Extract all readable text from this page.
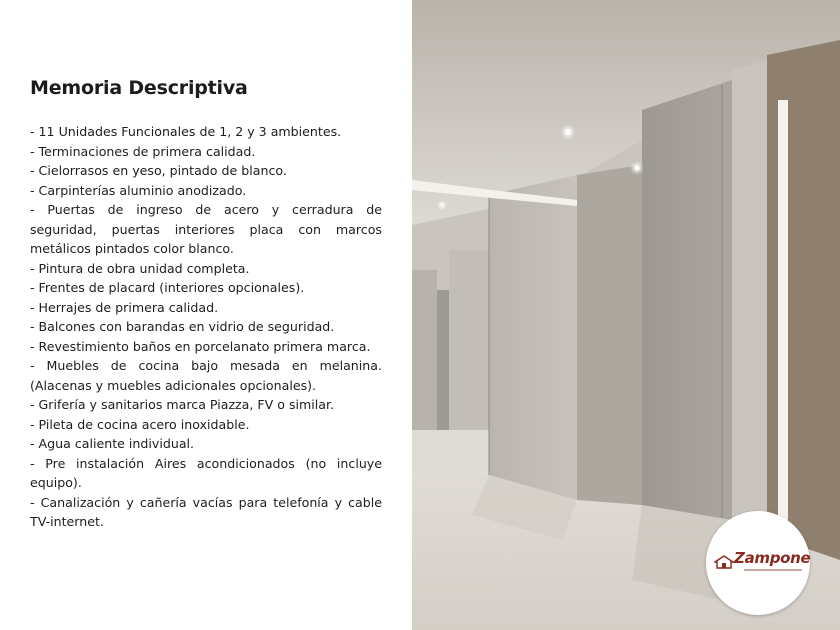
Memoria Descriptiva
- 11 Unidades Funcionales de 1, 2 y 3 ambientes.
- Terminaciones de primera calidad.
- Cielorrasos en yeso, pintado de blanco.
- Carpinterías aluminio anodizado.
- Puertas de ingreso de acero y cerradura de seguridad, puertas interiores placa con marcos metálicos pintados color blanco.
- Pintura de obra unidad completa.
- Frentes de placard (interiores opcionales).
- Herrajes de primera calidad.
- Balcones con barandas en vidrio de seguridad.
- Revestimiento baños en porcelanato primera marca.
- Muebles de cocina bajo mesada en melanina. (Alacenas y muebles adicionales opcionales).
- Grifería y sanitarios marca Piazza, FV o similar.
- Pileta de cocina acero inoxidable.
- Agua caliente individual.
- Pre instalación Aires acondicionados (no incluye equipo).
- Canalización y cañería vacías para telefonía y cable TV-internet.
Zampone
